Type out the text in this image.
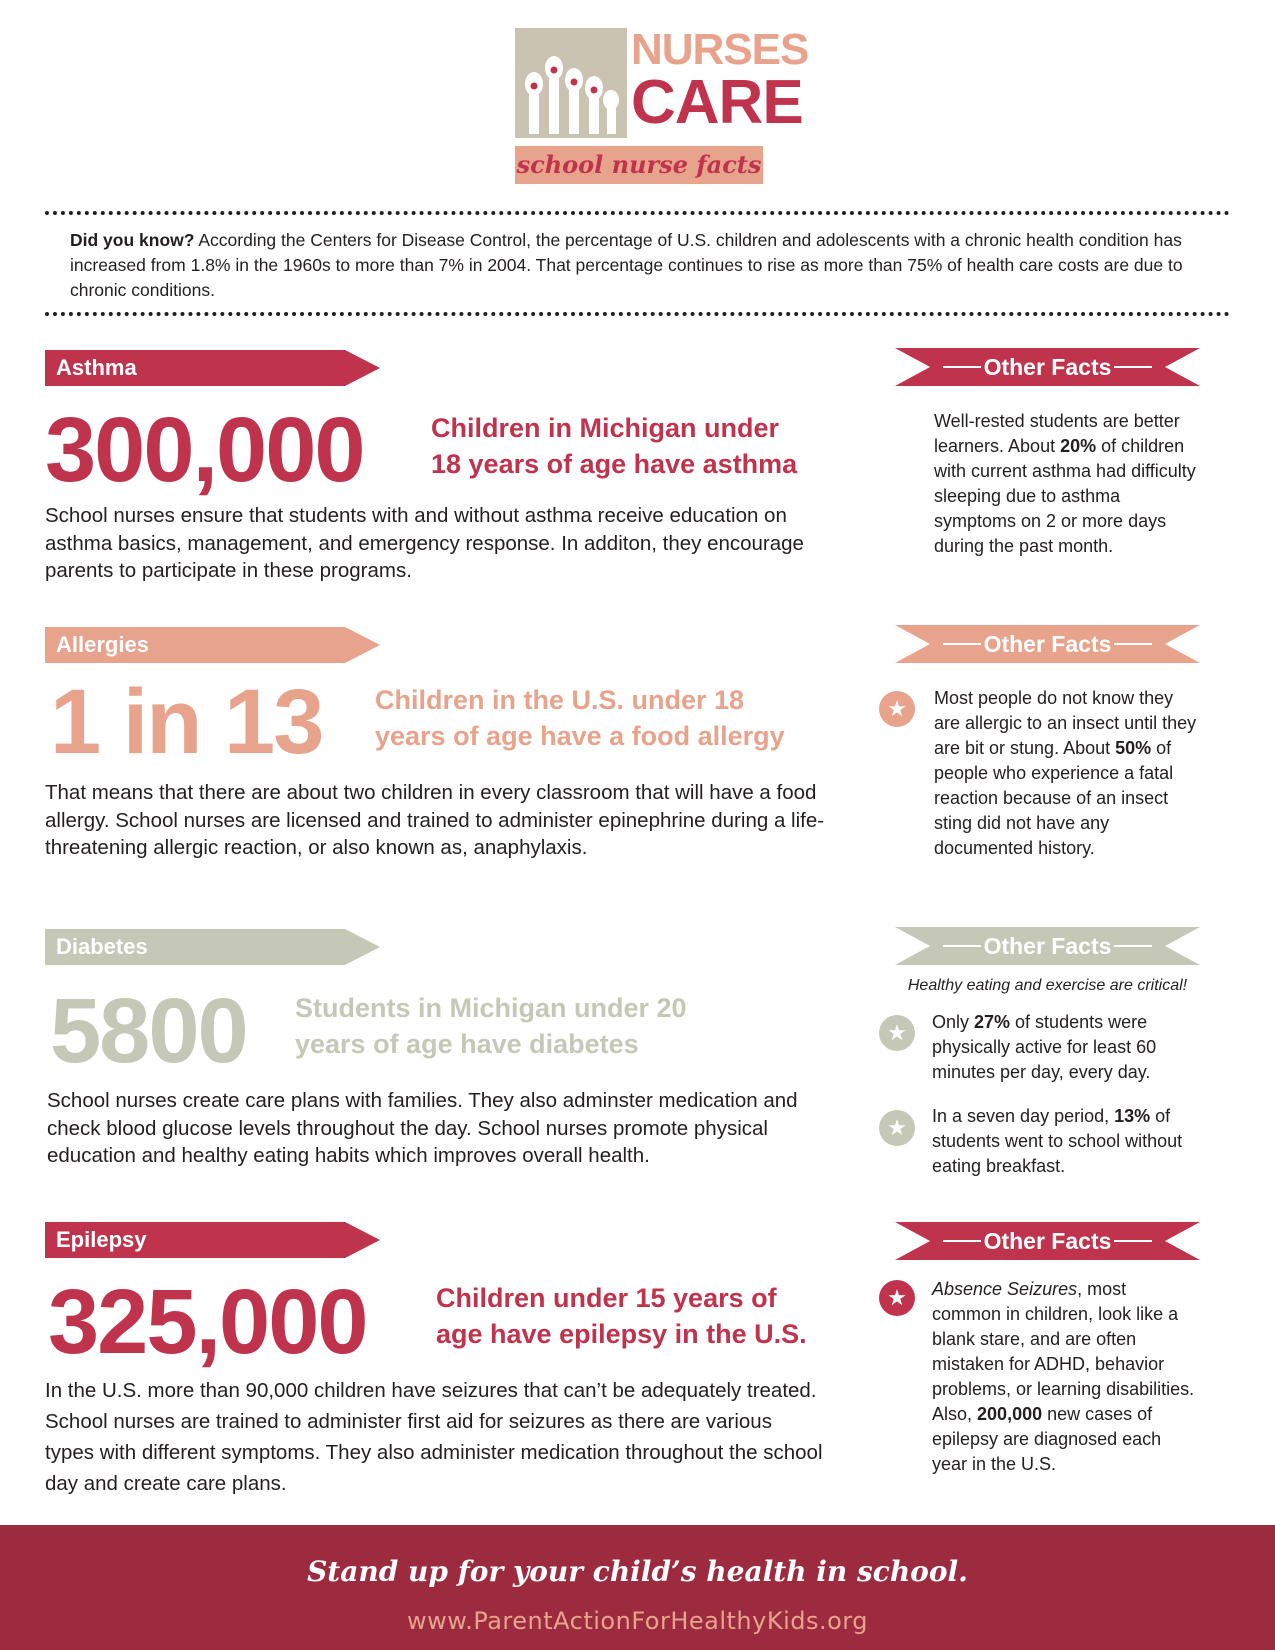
NURSES
CARE
school nurse facts
Did you know? According the Centers for Disease Control, the percentage of U.S. children and adolescents with a chronic health condition has increased from 1.8% in the 1960s to more than 7% in 2004. That percentage continues to rise as more than 75% of health care costs are due to chronic conditions.
Asthma
300,000 Children in Michigan under 18 years of age have asthma
School nurses ensure that students with and without asthma receive education on asthma basics, management, and emergency response. In additon, they encourage parents to participate in these programs.
Other Facts
Well-rested students are better learners. About 20% of children with current asthma had difficulty sleeping due to asthma symptoms on 2 or more days during the past month.
Allergies
1 in 13 Children in the U.S. under 18 years of age have a food allergy
That means that there are about two children in every classroom that will have a food allergy. School nurses are licensed and trained to administer epinephrine during a life-threatening allergic reaction, or also known as, anaphylaxis.
Other Facts
★	Most people do not know they are allergic to an insect until they are bit or stung. About 50% of people who experience a fatal reaction because of an insect sting did not have any documented history.
Diabetes
5800 Students in Michigan under 20 years of age have diabetes
School nurses create care plans with families. They also adminster medication and check blood glucose levels throughout the day. School nurses promote physical education and healthy eating habits which improves overall health.
Other Facts
Healthy eating and exercise are critical!
★	Only 27% of students were physically active for least 60 minutes per day, every day.
★	In a seven day period, 13% of students went to school without eating breakfast.
Epilepsy
325,000	Children under 15 years of age have epilepsy in the U.S.
In the U.S. more than 90,000 children have seizures that can’t be adequately treated. School nurses are trained to administer first aid for seizures as there are various types with different symptoms. They also administer medication throughout the school day and create care plans.
Other Facts
★	Absence Seizures, most common in children, look like a blank stare, and are often mistaken for ADHD, behavior problems, or learning disabilities. Also, 200,000 new cases of epilepsy are diagnosed each year in the U.S.
Stand up for your child’s health in school.
www.ParentActionForHealthyKids.org
